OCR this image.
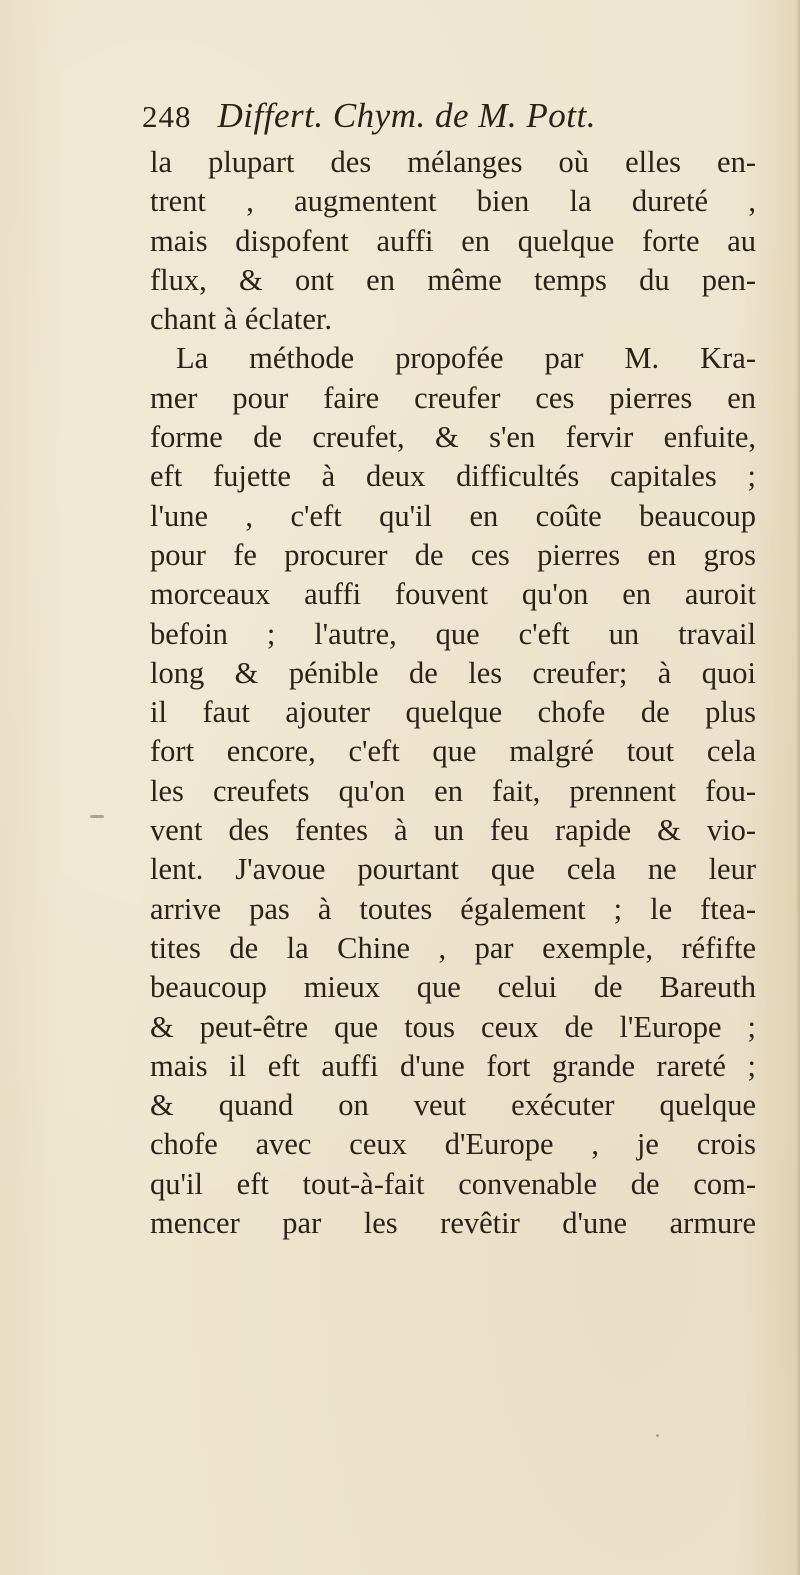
248 Differt. Chym. de M. Pott.
la plupart des mélanges où elles en-
trent , augmentent bien la dureté ,
mais dispofent auffi en quelque forte au
flux, & ont en même temps du pen-
chant à éclater.
La méthode propofée par M. Kra-
mer pour faire creufer ces pierres en
forme de creufet, & s'en fervir enfuite,
eft fujette à deux difficultés capitales ;
l'une , c'eft qu'il en coûte beaucoup
pour fe procurer de ces pierres en gros
morceaux auffi fouvent qu'on en auroit
befoin ; l'autre, que c'eft un travail
long & pénible de les creufer; à quoi
il faut ajouter quelque chofe de plus
fort encore, c'eft que malgré tout cela
les creufets qu'on en fait, prennent fou-
vent des fentes à un feu rapide & vio-
lent. J'avoue pourtant que cela ne leur
arrive pas à toutes également ; le ftea-
tites de la Chine , par exemple, réfifte
beaucoup mieux que celui de Bareuth
& peut-être que tous ceux de l'Europe ;
mais il eft auffi d'une fort grande rareté ;
& quand on veut exécuter quelque
chofe avec ceux d'Europe , je crois
qu'il eft tout-à-fait convenable de com-
mencer par les revêtir d'une armure
